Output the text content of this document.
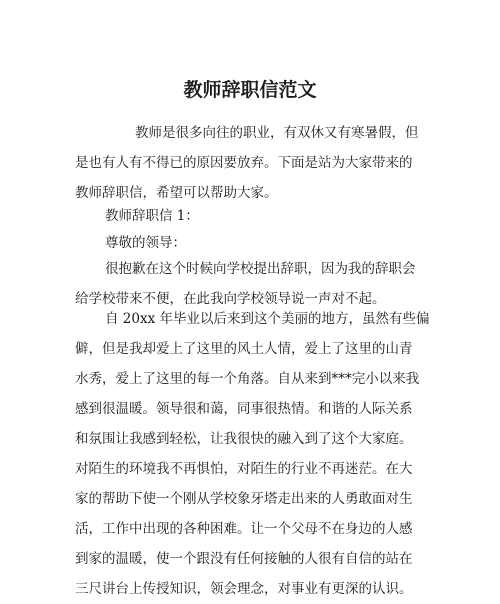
教师辞职信范文
教师是很多向往的职业，有双休又有寒暑假，但
是也有人有不得已的原因要放弃。下面是站为大家带来的
教师辞职信，希望可以帮助大家。
教师辞职信 1：
尊敬的领导：
很抱歉在这个时候向学校提出辞职，因为我的辞职会
给学校带来不便，在此我向学校领导说一声对不起。
自 20xx 年毕业以后来到这个美丽的地方，虽然有些偏
僻，但是我却爱上了这里的风土人情，爱上了这里的山青
水秀，爱上了这里的每一个角落。自从来到***完小以来我
感到很温暖。领导很和蔼，同事很热情。和谐的人际关系
和氛围让我感到轻松，让我很快的融入到了这个大家庭。
对陌生的环境我不再惧怕，对陌生的行业不再迷茫。在大
家的帮助下使一个刚从学校象牙塔走出来的人勇敢面对生
活，工作中出现的各种困难。让一个父母不在身边的人感
到家的温暖，使一个跟没有任何接触的人很有自信的站在
三尺讲台上传授知识，领会理念，对事业有更深的认识。
